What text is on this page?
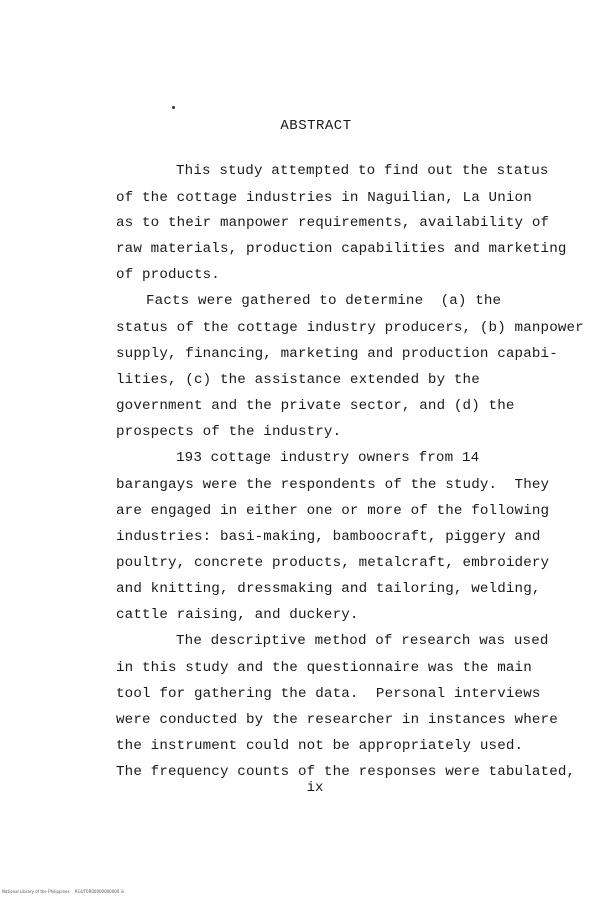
ABSTRACT
This study attempted to find out the status
of the cottage industries in Naguilian, La Union
as to their manpower requirements, availability of
raw materials, production capabilities and marketing
of products.
Facts were gathered to determine  (a) the
status of the cottage industry producers, (b) manpower
supply, financing, marketing and production capabi-
lities, (c) the assistance extended by the
government and the private sector, and (d) the
prospects of the industry.
193 cottage industry owners from 14
barangays were the respondents of the study.  They
are engaged in either one or more of the following
industries: basi-making, bamboocraft, piggery and
poultry, concrete products, metalcraft, embroidery
and knitting, dressmaking and tailoring, welding,
cattle raising, and duckery.
The descriptive method of research was used
in this study and the questionnaire was the main
tool for gathering the data.  Personal interviews
were conducted by the researcher in instances where
the instrument could not be appropriately used.
The frequency counts of the responses were tabulated,
ix
National Library of the Philippines    RGUT0R00000000000 iii
